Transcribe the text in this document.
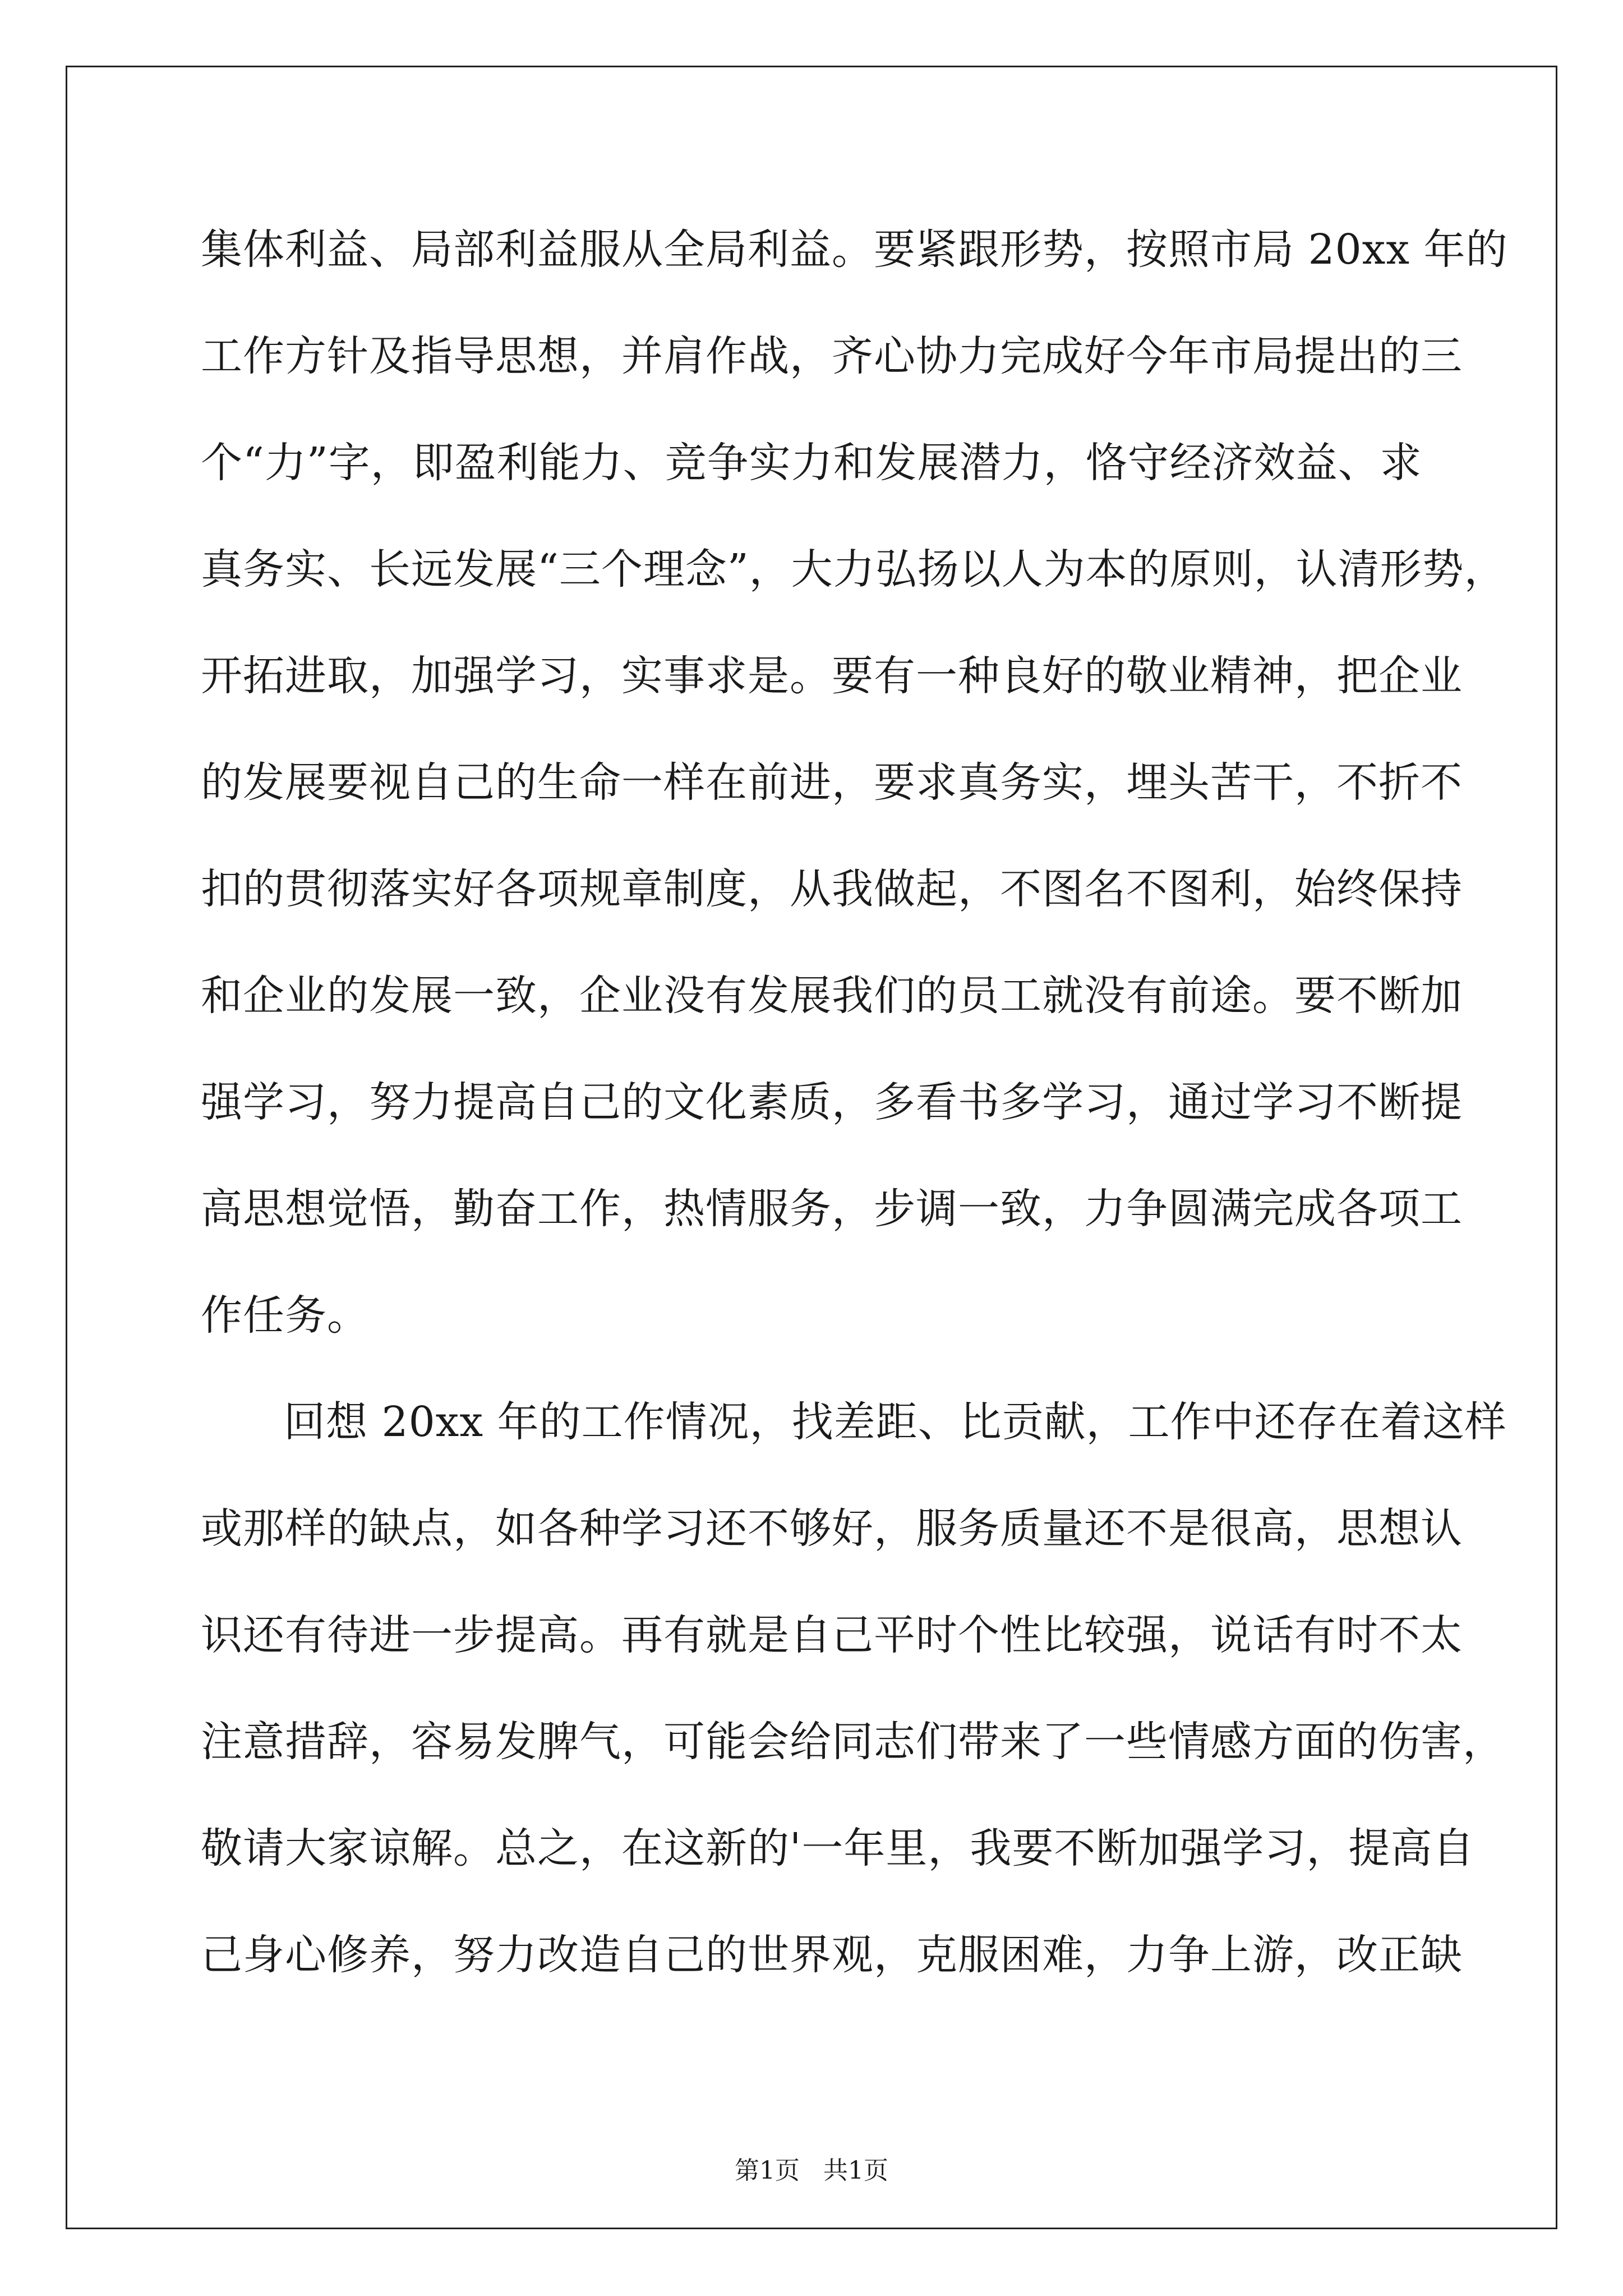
集体利益、局部利益服从全局利益。要紧跟形势，按照市局 20xx 年的
工作方针及指导思想，并肩作战，齐心协力完成好今年市局提出的三
个“力”字，即盈利能力、竞争实力和发展潜力，恪守经济效益、求
真务实、长远发展“三个理念”，大力弘扬以人为本的原则，认清形势，
开拓进取，加强学习，实事求是。要有一种良好的敬业精神，把企业
的发展要视自己的生命一样在前进，要求真务实，埋头苦干，不折不
扣的贯彻落实好各项规章制度，从我做起，不图名不图利，始终保持
和企业的发展一致，企业没有发展我们的员工就没有前途。要不断加
强学习，努力提高自己的文化素质，多看书多学习，通过学习不断提
高思想觉悟，勤奋工作，热情服务，步调一致，力争圆满完成各项工
作任务。
回想 20xx 年的工作情况，找差距、比贡献，工作中还存在着这样
或那样的缺点，如各种学习还不够好，服务质量还不是很高，思想认
识还有待进一步提高。再有就是自己平时个性比较强，说话有时不太
注意措辞，容易发脾气，可能会给同志们带来了一些情感方面的伤害，
敬请大家谅解。总之，在这新的'一年里，我要不断加强学习，提高自
己身心修养，努力改造自己的世界观，克服困难，力争上游，改正缺
第1页   共1页
